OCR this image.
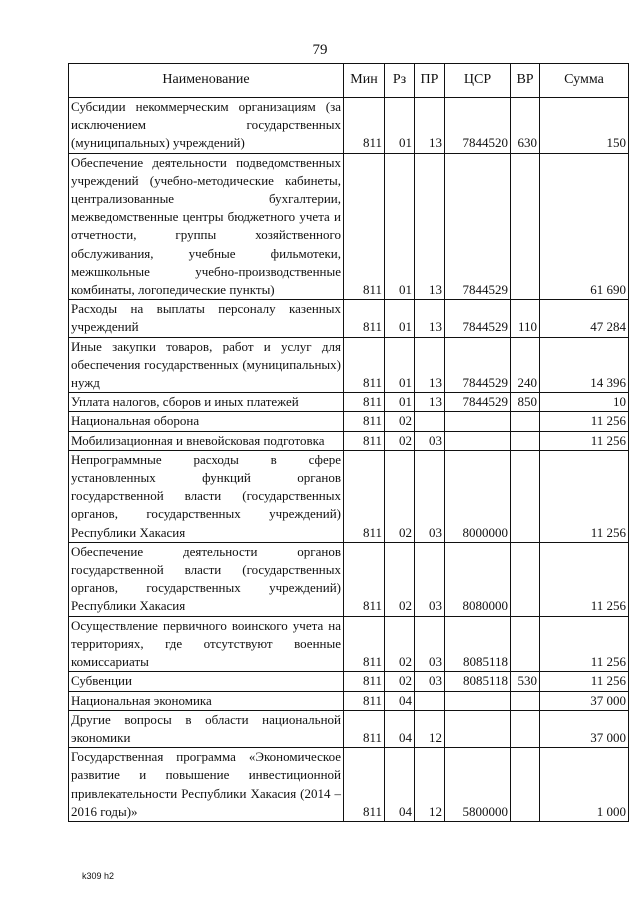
79
Наименование	Мин	Рз	ПР	ЦСР	ВР	Сумма
Субсидии некоммерческим организациям (за исключением государственных (муниципальных) учреждений)	811	01	13	7844520	630	150
Обеспечение деятельности подведомственных учреждений (учебно-методические кабинеты, централизованные бухгалтерии, межведомственные центры бюджетного учета и отчетности, группы хозяйственного обслуживания, учебные фильмотеки, межшкольные учебно-производственные комбинаты, логопедические пункты)	811	01	13	7844529		61 690
Расходы на выплаты персоналу казенных учреждений	811	01	13	7844529	110	47 284
Иные закупки товаров, работ и услуг для обеспечения государственных (муниципальных) нужд	811	01	13	7844529	240	14 396
Уплата налогов, сборов и иных платежей	811	01	13	7844529	850	10
Национальная оборона	811	02				11 256
Мобилизационная и вневойсковая подготовка	811	02	03			11 256
Непрограммные расходы в сфере установленных функций органов государственной власти (государственных органов, государственных учреждений) Республики Хакасия	811	02	03	8000000		11 256
Обеспечение деятельности органов государственной власти (государственных органов, государственных учреждений) Республики Хакасия	811	02	03	8080000		11 256
Осуществление первичного воинского учета на территориях, где отсутствуют военные комиссариаты	811	02	03	8085118		11 256
Субвенции	811	02	03	8085118	530	11 256
Национальная экономика	811	04				37 000
Другие вопросы в области национальной экономики	811	04	12			37 000
Государственная программа «Экономическое развитие и повышение инвестиционной привлекательности Республики Хакасия (2014 – 2016 годы)»	811	04	12	5800000		1 000
k309 h2
